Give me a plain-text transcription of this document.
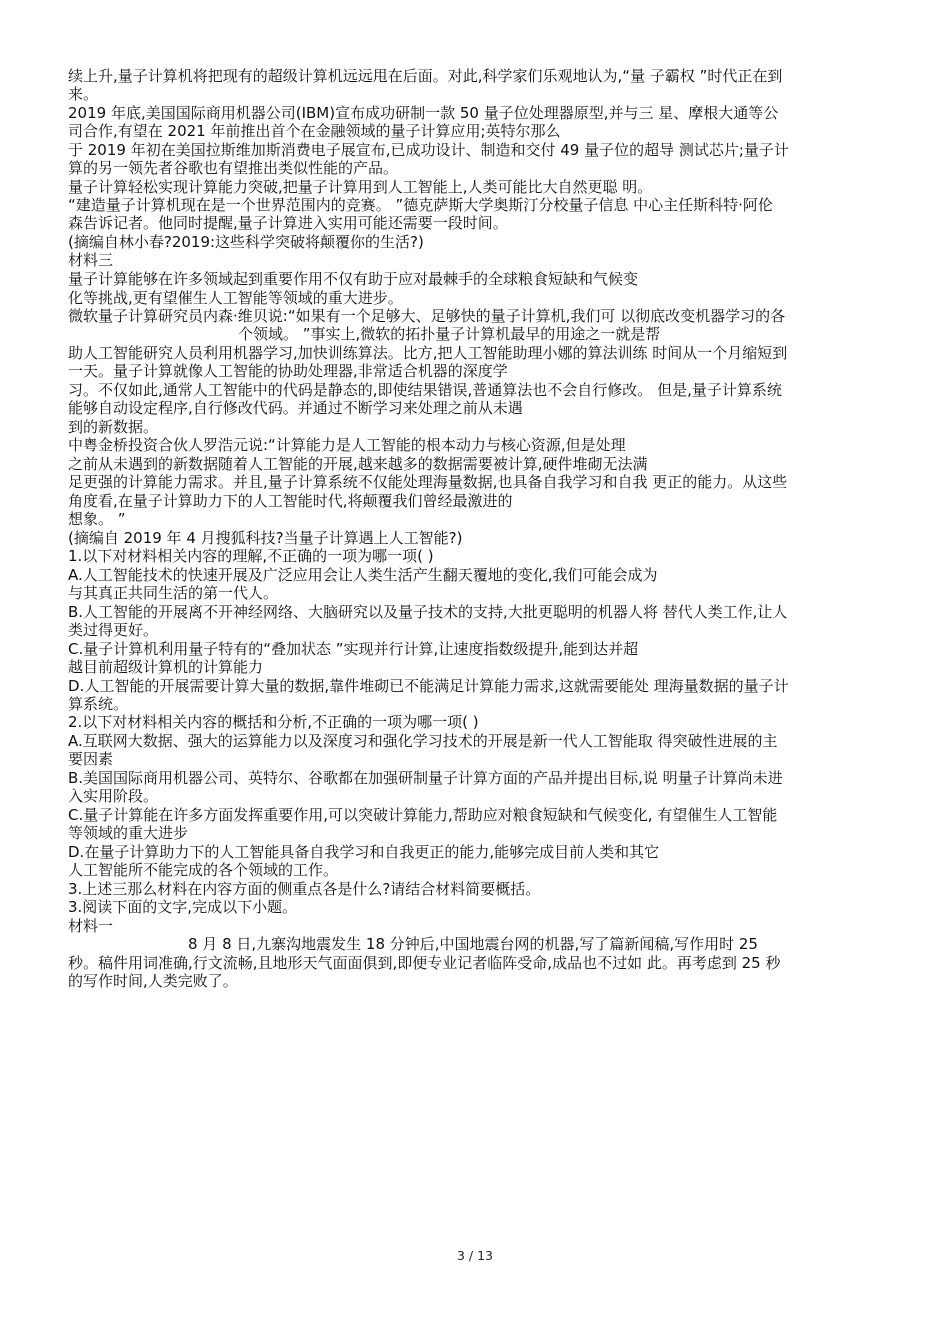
续上升,量子计算机将把现有的超级计算机远远甩在后面。对此,科学家们乐观地认为,“量 子霸权 ”时代正在到
来。
2019 年底,美国国际商用机器公司(IBM)宣布成功研制一款 50 量子位处理器原型,并与三 星、摩根大通等公
司合作,有望在 2021 年前推出首个在金融领域的量子计算应用;英特尔那么
于 2019 年初在美国拉斯维加斯消费电子展宣布,已成功设计、制造和交付 49 量子位的超导 测试芯片;量子计
算的另一领先者谷歌也有望推出类似性能的产品。
量子计算轻松实现计算能力突破,把量子计算用到人工智能上,人类可能比大自然更聪 明。
“建造量子计算机现在是一个世界范围内的竞赛。 ”德克萨斯大学奥斯汀分校量子信息 中心主任斯科特·阿伦
森告诉记者。他同时提醒,量子计算进入实用可能还需要一段时间。
(摘编自林小春?2019:这些科学突破将颠覆你的生活?)
材料三
量子计算能够在许多领域起到重要作用不仅有助于应对最棘手的全球粮食短缺和气候变
化等挑战,更有望催生人工智能等领域的重大进步。
微软量子计算研究员内森·维贝说:“如果有一个足够大、足够快的量子计算机,我们可 以彻底改变机器学习的各
个领域。 ”事实上,微软的拓扑量子计算机最早的用途之一就是帮
助人工智能研究人员利用机器学习,加快训练算法。比方,把人工智能助理小娜的算法训练 时间从一个月缩短到
一天。量子计算就像人工智能的协助处理器,非常适合机器的深度学
习。不仅如此,通常人工智能中的代码是静态的,即使结果错误,普通算法也不会自行修改。 但是,量子计算系统
能够自动设定程序,自行修改代码。并通过不断学习来处理之前从未遇
到的新数据。
中粤金桥投资合伙人罗浩元说:“计算能力是人工智能的根本动力与核心资源,但是处理
之前从未遇到的新数据随着人工智能的开展,越来越多的数据需要被计算,硬件堆砌无法满
足更强的计算能力需求。并且,量子计算系统不仅能处理海量数据,也具备自我学习和自我 更正的能力。从这些
角度看,在量子计算助力下的人工智能时代,将颠覆我们曾经最激进的
想象。 ”
(摘编自 2019 年 4 月搜狐科技?当量子计算遇上人工智能?)
1.以下对材料相关内容的理解,不正确的一项为哪一项( )
A.人工智能技术的快速开展及广泛应用会让人类生活产生翻天覆地的变化,我们可能会成为
与其真正共同生活的第一代人。
B.人工智能的开展离不开神经网络、大脑研究以及量子技术的支持,大批更聪明的机器人将 替代人类工作,让人
类过得更好。
C.量子计算机利用量子特有的“叠加状态 ”实现并行计算,让速度指数级提升,能到达并超
越目前超级计算机的计算能力
D.人工智能的开展需要计算大量的数据,靠件堆砌已不能满足计算能力需求,这就需要能处 理海量数据的量子计
算系统。
2.以下对材料相关内容的概括和分析,不正确的一项为哪一项( )
A.互联网大数据、强大的运算能力以及深度习和强化学习技术的开展是新一代人工智能取 得突破性进展的主
要因素
B.美国国际商用机器公司、英特尔、谷歌都在加强研制量子计算方面的产品并提出目标,说 明量子计算尚未进
入实用阶段。
C.量子计算能在许多方面发挥重要作用,可以突破计算能力,帮助应对粮食短缺和气候变化, 有望催生人工智能
等领域的重大进步
D.在量子计算助力下的人工智能具备自我学习和自我更正的能力,能够完成目前人类和其它
人工智能所不能完成的各个领域的工作。
3.上述三那么材料在内容方面的侧重点各是什么?请结合材料简要概括。
3.阅读下面的文字,完成以下小题。
材料一
8 月 8 日,九寨沟地震发生 18 分钟后,中国地震台网的机器,写了篇新闻稿,写作用时 25
秒。稿件用词准确,行文流畅,且地形天气面面俱到,即便专业记者临阵受命,成品也不过如 此。再考虑到 25 秒
的写作时间,人类完败了。
3 / 13
